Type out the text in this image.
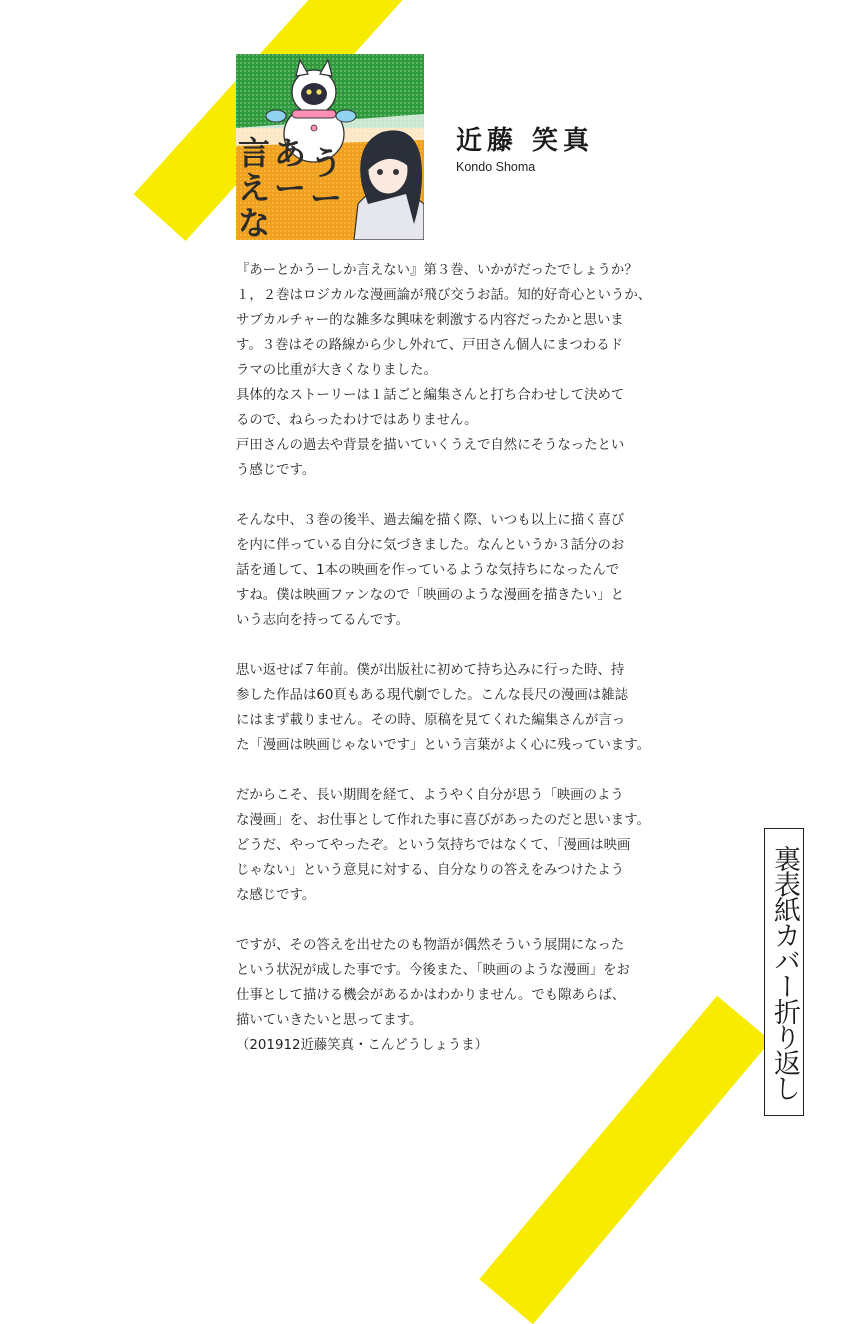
言
え
な
あ
ー
う
ー
近藤 笑真
Kondo Shoma
『あーとかうーしか言えない』第３巻、いかがだったでしょうか？
１，２巻はロジカルな漫画論が飛び交うお話。知的好奇心というか、
サブカルチャー的な雑多な興味を刺激する内容だったかと思いま
す。３巻はその路線から少し外れて、戸田さん個人にまつわるド
ラマの比重が大きくなりました。
具体的なストーリーは１話ごと編集さんと打ち合わせして決めて
るので、ねらったわけではありません。
戸田さんの過去や背景を描いていくうえで自然にそうなったとい
う感じです。
そんな中、３巻の後半、過去編を描く際、いつも以上に描く喜び
を内に伴っている自分に気づきました。なんというか３話分のお
話を通して、1本の映画を作っているような気持ちになったんで
すね。僕は映画ファンなので「映画のような漫画を描きたい」と
いう志向を持ってるんです。
思い返せば７年前。僕が出版社に初めて持ち込みに行った時、持
参した作品は60頁もある現代劇でした。こんな長尺の漫画は雑誌
にはまず載りません。その時、原稿を見てくれた編集さんが言っ
た「漫画は映画じゃないです」という言葉がよく心に残っています。
だからこそ、長い期間を経て、ようやく自分が思う「映画のよう
な漫画」を、お仕事として作れた事に喜びがあったのだと思います。
どうだ、やってやったぞ。という気持ちではなくて、「漫画は映画
じゃない」という意見に対する、自分なりの答えをみつけたよう
な感じです。
ですが、その答えを出せたのも物語が偶然そういう展開になった
という状況が成した事です。今後また、「映画のような漫画」をお
仕事として描ける機会があるかはわかりません。でも隙あらば、
描いていきたいと思ってます。
（201912近藤笑真・こんどうしょうま）	裏表紙カバー折り返し
